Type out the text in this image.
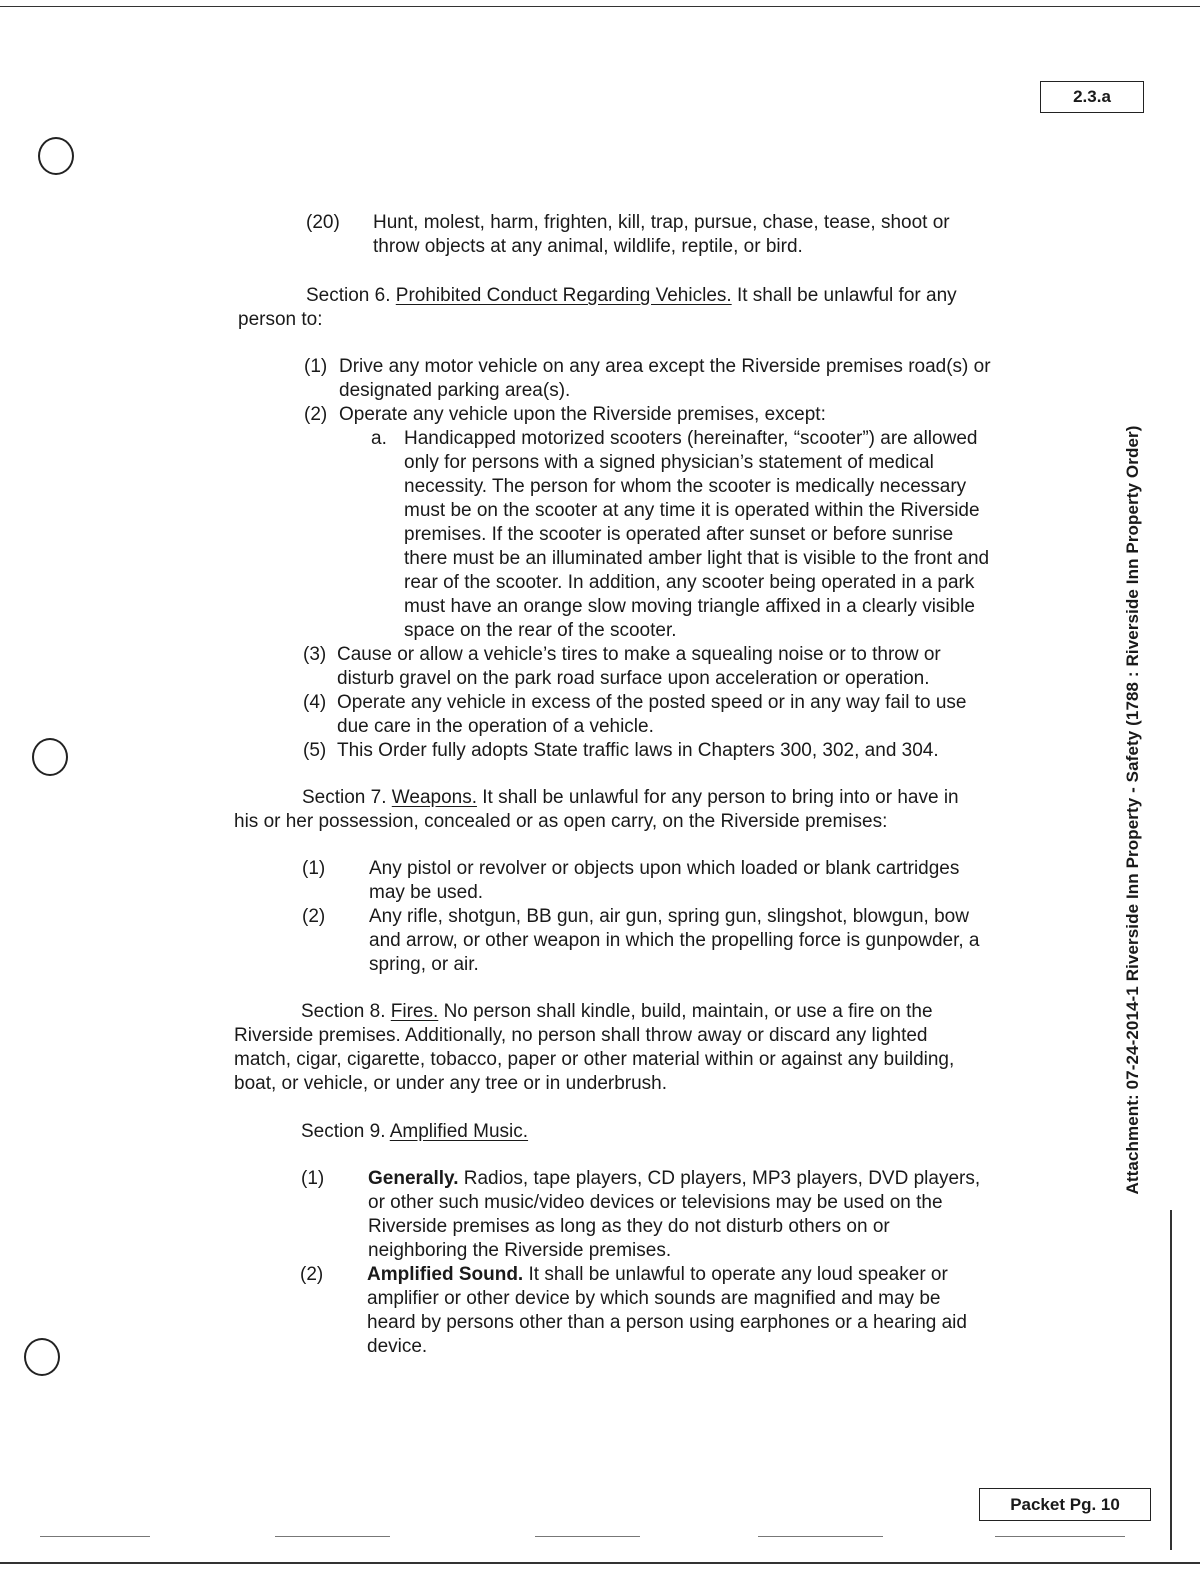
2.3.a
Attachment: 07-24-2014-1 Riverside Inn Property - Safety (1788 : Riverside Inn Property Order)
(20) Hunt, molest, harm, frighten, kill, trap, pursue, chase, tease, shoot or
throw objects at any animal, wildlife, reptile, or bird.
Section 6. Prohibited Conduct Regarding Vehicles. It shall be unlawful for any
person to:
(1) Drive any motor vehicle on any area except the Riverside premises road(s) or
designated parking area(s).
(2) Operate any vehicle upon the Riverside premises, except:
a. Handicapped motorized scooters (hereinafter, “scooter”) are allowed
only for persons with a signed physician’s statement of medical
necessity. The person for whom the scooter is medically necessary
must be on the scooter at any time it is operated within the Riverside
premises. If the scooter is operated after sunset or before sunrise
there must be an illuminated amber light that is visible to the front and
rear of the scooter. In addition, any scooter being operated in a park
must have an orange slow moving triangle affixed in a clearly visible
space on the rear of the scooter.
(3) Cause or allow a vehicle’s tires to make a squealing noise or to throw or
disturb gravel on the park road surface upon acceleration or operation.
(4) Operate any vehicle in excess of the posted speed or in any way fail to use
due care in the operation of a vehicle.
(5) This Order fully adopts State traffic laws in Chapters 300, 302, and 304.
Section 7. Weapons. It shall be unlawful for any person to bring into or have in
his or her possession, concealed or as open carry, on the Riverside premises:
(1) Any pistol or revolver or objects upon which loaded or blank cartridges
may be used.
(2) Any rifle, shotgun, BB gun, air gun, spring gun, slingshot, blowgun, bow
and arrow, or other weapon in which the propelling force is gunpowder, a
spring, or air.
Section 8. Fires. No person shall kindle, build, maintain, or use a fire on the
Riverside premises. Additionally, no person shall throw away or discard any lighted
match, cigar, cigarette, tobacco, paper or other material within or against any building,
boat, or vehicle, or under any tree or in underbrush.
Section 9. Amplified Music.
(1) Generally. Radios, tape players, CD players, MP3 players, DVD players,
or other such music/video devices or televisions may be used on the
Riverside premises as long as they do not disturb others on or
neighboring the Riverside premises.
(2) Amplified Sound. It shall be unlawful to operate any loud speaker or
amplifier or other device by which sounds are magnified and may be
heard by persons other than a person using earphones or a hearing aid
device.
Packet Pg. 10
